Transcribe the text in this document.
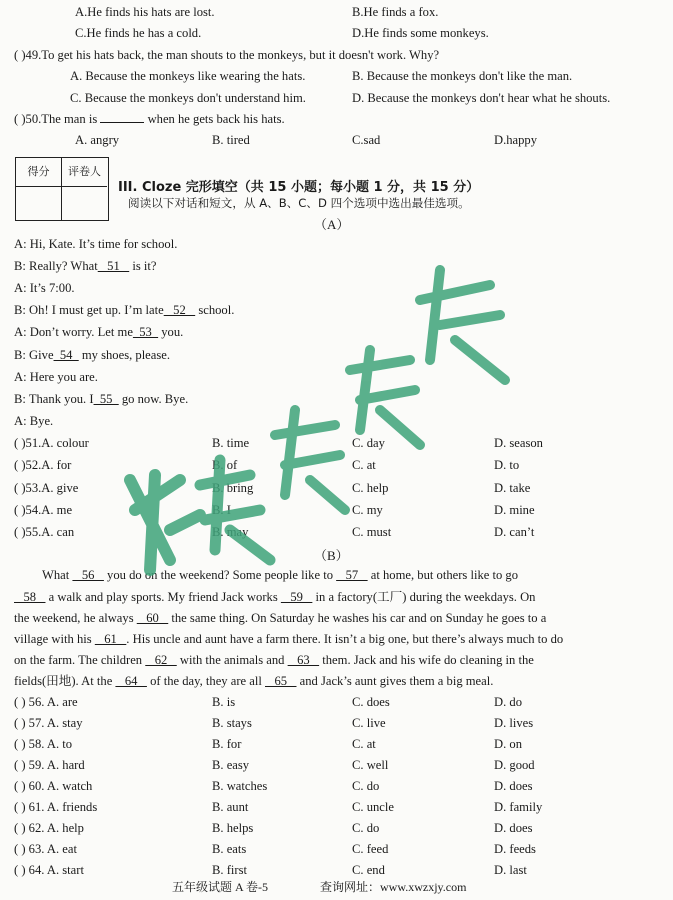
A.He finds his hats are lost.	B.He finds a fox.
C.He finds he has a cold.	D.He finds some monkeys.
( )49.To get his hats back, the man shouts to the monkeys, but it doesn't work. Why?
A. Because the monkeys like wearing the hats.	B. Because the monkeys don't like the man.
C. Because the monkeys don't understand him.	D. Because the monkeys don't hear what he shouts.
( )50.The man is	when he gets back his hats.
A. angry	B. tired	C.sad	D.happy
得分	评卷人
III. Cloze 完形填空（共 15 小题；每小题 1 分，共 15 分）
阅读以下对话和短文，从 A、B、C、D 四个选项中选出最佳选项。
（A）
A: Hi, Kate. It’s time for school.
B: Really? What   51    is it?
A: It’s 7:00.
B: Oh! I must get up. I’m late   52    school.
A: Don’t worry. Let me  53   you.
B: Give  54   my shoes, please.
A: Here you are.
B: Thank you. I  55   go now. Bye.
A: Bye.
( )51.A. colour	B. time	C. day	D. season
( )52.A. for	B. of	C. at	D. to
( )53.A. give	B. bring	C. help	D. take
( )54.A. me	B. I	C. my	D. mine
( )55.A. can	B. may	C. must	D. can’t
（B）
What    56    you do on the weekend? Some people like to    57    at home, but others like to go
58    a walk and play sports. My friend Jack works    59    in a factory(工厂) during the weekdays. On
the weekend, he always    60    the same thing. On Saturday he washes his car and on Sunday he goes to a
village with his    61   . His uncle and aunt have a farm there. It isn’t a big one, but there’s always much to do
on the farm. The children    62    with the animals and    63    them. Jack and his wife do cleaning in the
fields(田地). At the    64    of the day, they are all    65    and Jack’s aunt gives them a big meal.
( ) 56. A. are	B. is	C. does	D. do
( ) 57. A. stay	B. stays	C. live	D. lives
( ) 58. A. to	B. for	C. at	D. on
( ) 59. A. hard	B. easy	C. well	D. good
( ) 60. A. watch	B. watches	C. do	D. does
( ) 61. A. friends	B. aunt	C. uncle	D. family
( ) 62. A. help	B. helps	C. do	D. does
( ) 63. A. eat	B. eats	C. feed	D. feeds
( ) 64. A. start	B. first	C. end	D. last
五年级试题 A 卷-5	查询网址：www.xwzxjy.com
